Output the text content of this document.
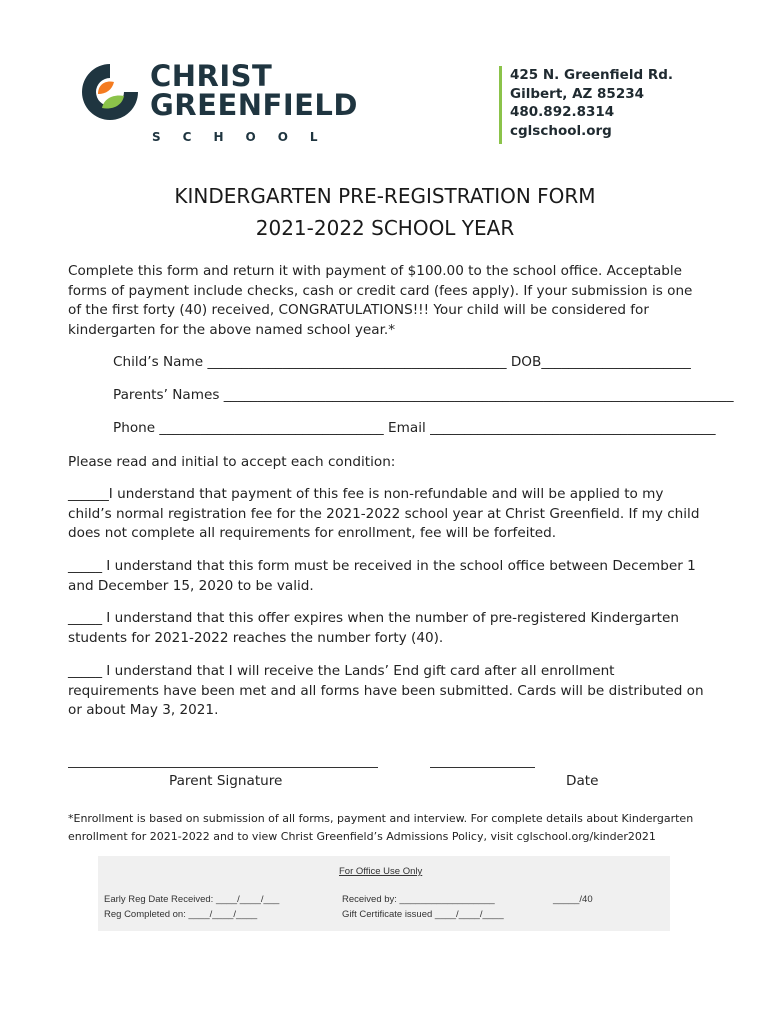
CHRIST
GREENFIELD
SCHOOL
425 N. Greenfield Rd.
Gilbert, AZ 85234
480.892.8314
cglschool.org
KINDERGARTEN PRE-REGISTRATION FORM
2021-2022 SCHOOL YEAR
Complete this form and return it with payment of $100.00 to the school office. Acceptable forms of payment include checks, cash or credit card (fees apply). If your submission is one of the first forty (40) received, CONGRATULATIONS!!! Your child will be considered for kindergarten for the above named school year.*
Child’s Name ____________________________________________ DOB______________________
Parents’ Names ___________________________________________________________________________
Phone _________________________________ Email __________________________________________
Please read and initial to accept each condition:
______I understand that payment of this fee is non-refundable and will be applied to my child’s normal registration fee for the 2021-2022 school year at Christ Greenfield. If my child does not complete all requirements for enrollment, fee will be forfeited.
_____ I understand that this form must be received in the school office between December 1 and December 15, 2020 to be valid.
_____ I understand that this offer expires when the number of pre-registered Kindergarten students for 2021-2022 reaches the number forty (40).
_____ I understand that I will receive the Lands’ End gift card after all enrollment requirements have been met and all forms have been submitted. Cards will be distributed on or about May 3, 2021.
Parent Signature	Date
*Enrollment is based on submission of all forms, payment and interview. For complete details about Kindergarten enrollment for 2021-2022 and to view Christ Greenfield’s Admissions Policy, visit cglschool.org/kinder2021
For Office Use Only
Early Reg Date Received: ____/____/___
Reg Completed on: ____/____/____
Received by: __________________
Gift Certificate issued ____/____/____
_____/40
